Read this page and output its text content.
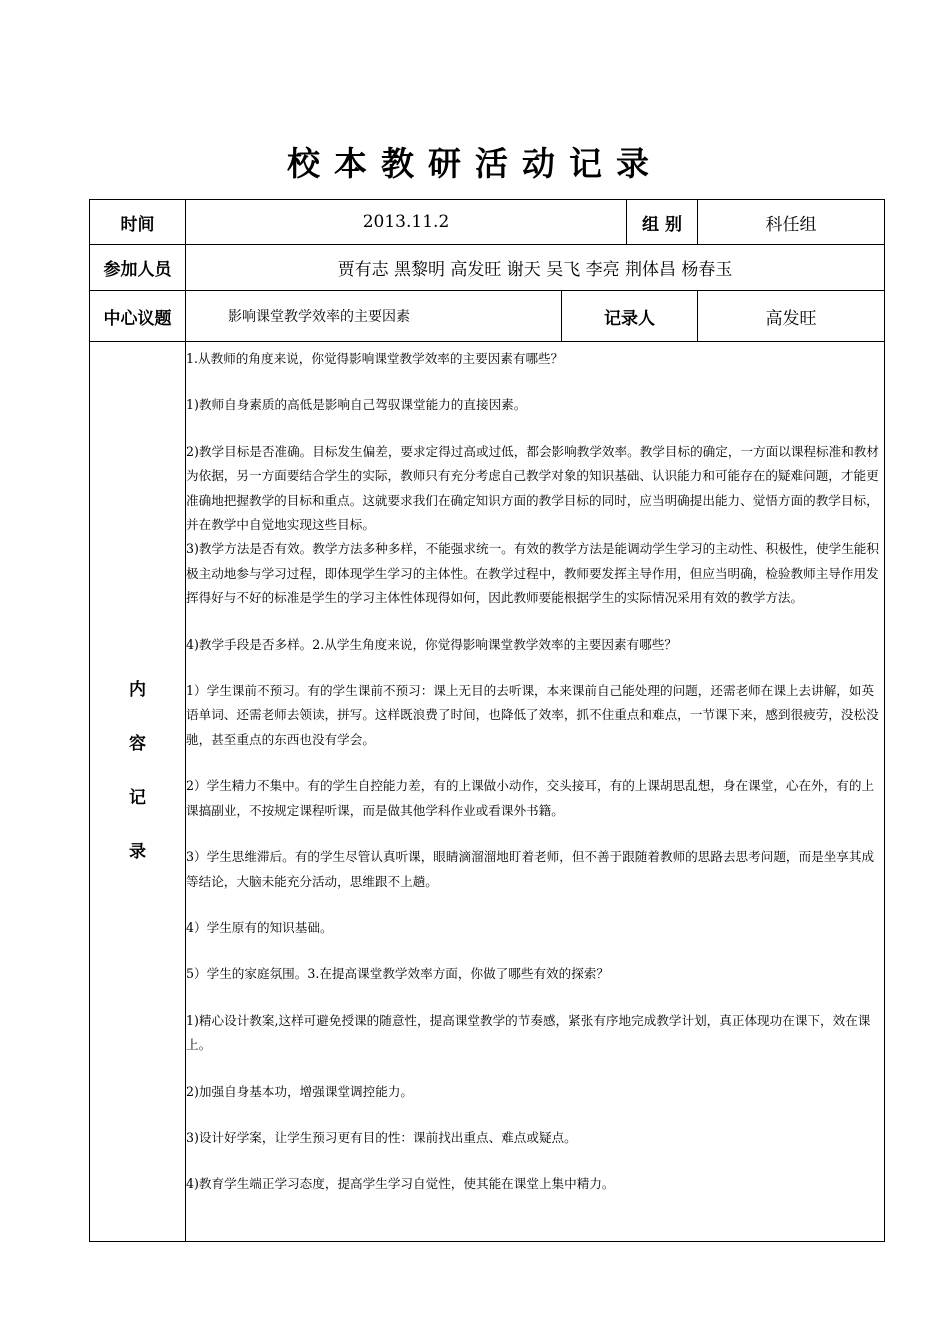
校本教研活动记录
时间	2013.11.2	组 别	科任组
参加人员	贾有志 黑黎明 高发旺 谢天 吴飞 李亮 荆体昌 杨春玉
中心议题	影响课堂教学效率的主要因素	记录人	高发旺
内
容
记
录

1.从教师的角度来说，你觉得影响课堂教学效率的主要因素有哪些？

1)教师自身素质的高低是影响自己驾驭课堂能力的直接因素。

2)教学目标是否准确。目标发生偏差，要求定得过高或过低，都会影响教学效率。教学目标的确定，一方面以课程标准和教材为依据，另一方面要结合学生的实际，教师只有充分考虑自己教学对象的知识基础、认识能力和可能存在的疑难问题，才能更准确地把握教学的目标和重点。这就要求我们在确定知识方面的教学目标的同时，应当明确提出能力、觉悟方面的教学目标，并在教学中自觉地实现这些目标。

3)教学方法是否有效。教学方法多种多样，不能强求统一。有效的教学方法是能调动学生学习的主动性、积极性，使学生能积极主动地参与学习过程，即体现学生学习的主体性。在教学过程中，教师要发挥主导作用，但应当明确，检验教师主导作用发挥得好与不好的标准是学生的学习主体性体现得如何，因此教师要能根据学生的实际情况采用有效的教学方法。

4)教学手段是否多样。2.从学生角度来说，你觉得影响课堂教学效率的主要因素有哪些？

1）学生课前不预习。有的学生课前不预习：课上无目的去听课，本来课前自己能处理的问题，还需老师在课上去讲解，如英语单词、还需老师去领读，拼写。这样既浪费了时间，也降低了效率，抓不住重点和难点，一节课下来，感到很疲劳，没松没驰，甚至重点的东西也没有学会。

2）学生精力不集中。有的学生自控能力差，有的上课做小动作，交头接耳，有的上课胡思乱想，身在课堂，心在外，有的上课搞副业，不按规定课程听课，而是做其他学科作业或看课外书籍。

3）学生思维滞后。有的学生尽管认真听课，眼睛滴溜溜地盯着老师，但不善于跟随着教师的思路去思考问题，而是坐享其成等结论，大脑未能充分活动，思维跟不上趟。

4）学生原有的知识基础。

5）学生的家庭氛围。3.在提高课堂教学效率方面，你做了哪些有效的探索？

1)精心设计教案,这样可避免授课的随意性，提高课堂教学的节奏感，紧张有序地完成教学计划，真正体现功在课下，效在课上。

2)加强自身基本功，增强课堂调控能力。

3)设计好学案，让学生预习更有目的性：课前找出重点、难点或疑点。

4)教育学生端正学习态度，提高学生学习自觉性，使其能在课堂上集中精力。
